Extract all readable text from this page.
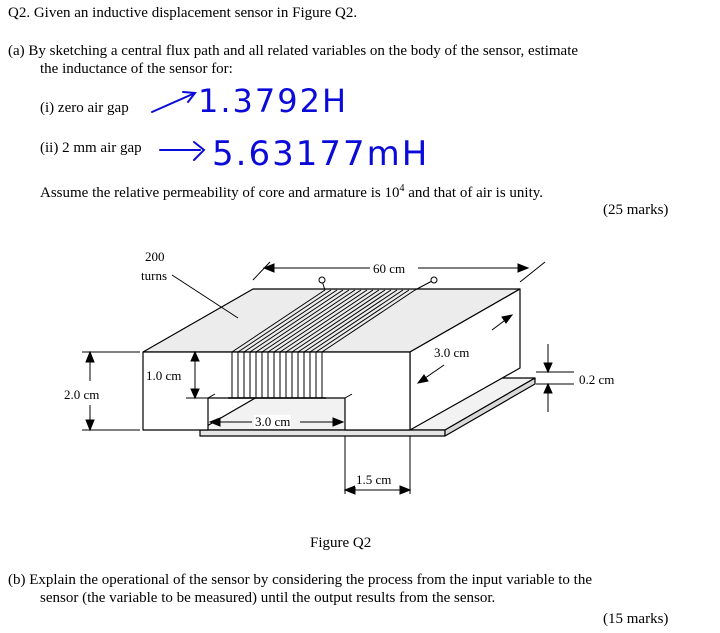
Q2. Given an inductive displacement sensor in Figure Q2.
(a) By sketching a central flux path and all related variables on the body of the sensor, estimate
the inductance of the sensor for:
(i) zero air gap
(ii) 2 mm air gap
1.3792H
5.63177mH
Assume the relative permeability of core and armature is $10^4$ and that of air is unity.
(25 marks)
200
turns	60 cm
2.0 cm
1.0 cm
3.0 cm
3.0 cm
0.2 cm
1.5 cm
Figure Q2
(b) Explain the operational of the sensor by considering the process from the input variable to the
sensor (the variable to be measured) until the output results from the sensor.
(15 marks)
